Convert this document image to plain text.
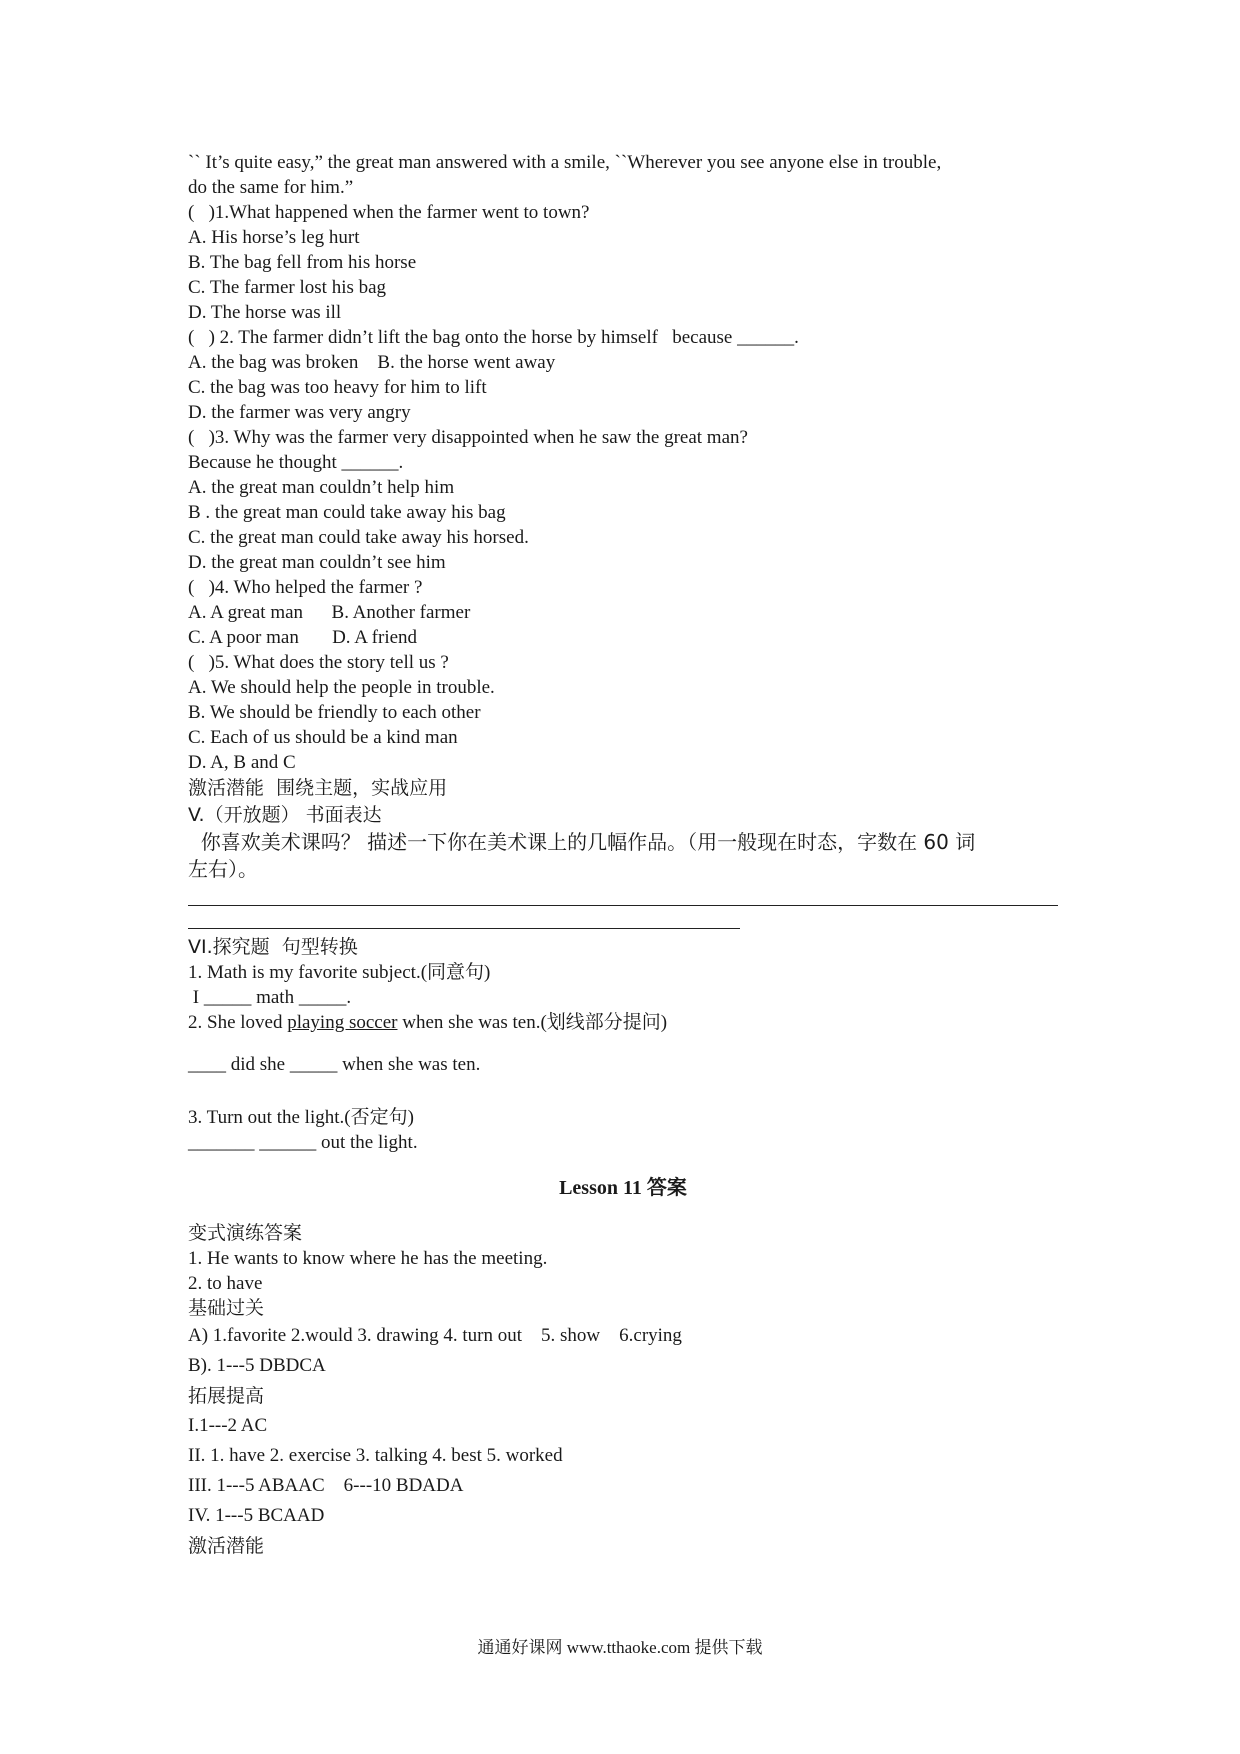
`` It’s quite easy,” the great man answered with a smile, ``Wherever you see anyone else in trouble,

do the same for him.”

(   )1.What happened when the farmer went to town?

A. His horse’s leg hurt

B. The bag fell from his horse

C. The farmer lost his bag

D. The horse was ill

(   ) 2. The farmer didn’t lift the bag onto the horse by himself   because ______.

A. the bag was broken    B. the horse went away

C. the bag was too heavy for him to lift

D. the farmer was very angry

(   )3. Why was the farmer very disappointed when he saw the great man?

Because he thought ______.

A. the great man couldn’t help him

B . the great man could take away his bag

C. the great man could take away his horsed.

D. the great man couldn’t see him

(   )4. Who helped the farmer ?

A. A great man      B. Another farmer

C. A poor man       D. A friend

(   )5. What does the story tell us ?

A. We should help the people in trouble.

B. We should be friendly to each other

C. Each of us should be a kind man

D. A, B and C

激活潜能  围绕主题，实战应用

V.（开放题） 书面表达

你喜欢美术课吗？ 描述一下你在美术课上的几幅作品。（用一般现在时态，字数在 60 词

左右）。

VI.探究题  句型转换

1. Math is my favorite subject.(同意句)

I _____ math _____.

2. She loved playing soccer when she was ten.(划线部分提问)

____ did she _____ when she was ten.

3. Turn out the light.(否定句)

_______ ______ out the light.

Lesson 11 答案

变式演练答案

1. He wants to know where he has the meeting.

2. to have

基础过关

A) 1.favorite 2.would 3. drawing 4. turn out    5. show    6.crying

B). 1---5 DBDCA

拓展提高

I.1---2 AC

II. 1. have 2. exercise 3. talking 4. best 5. worked

III. 1---5 ABAAC    6---10 BDADA

IV. 1---5 BCAAD

激活潜能

通通好课网 www.tthaoke.com 提供下载
